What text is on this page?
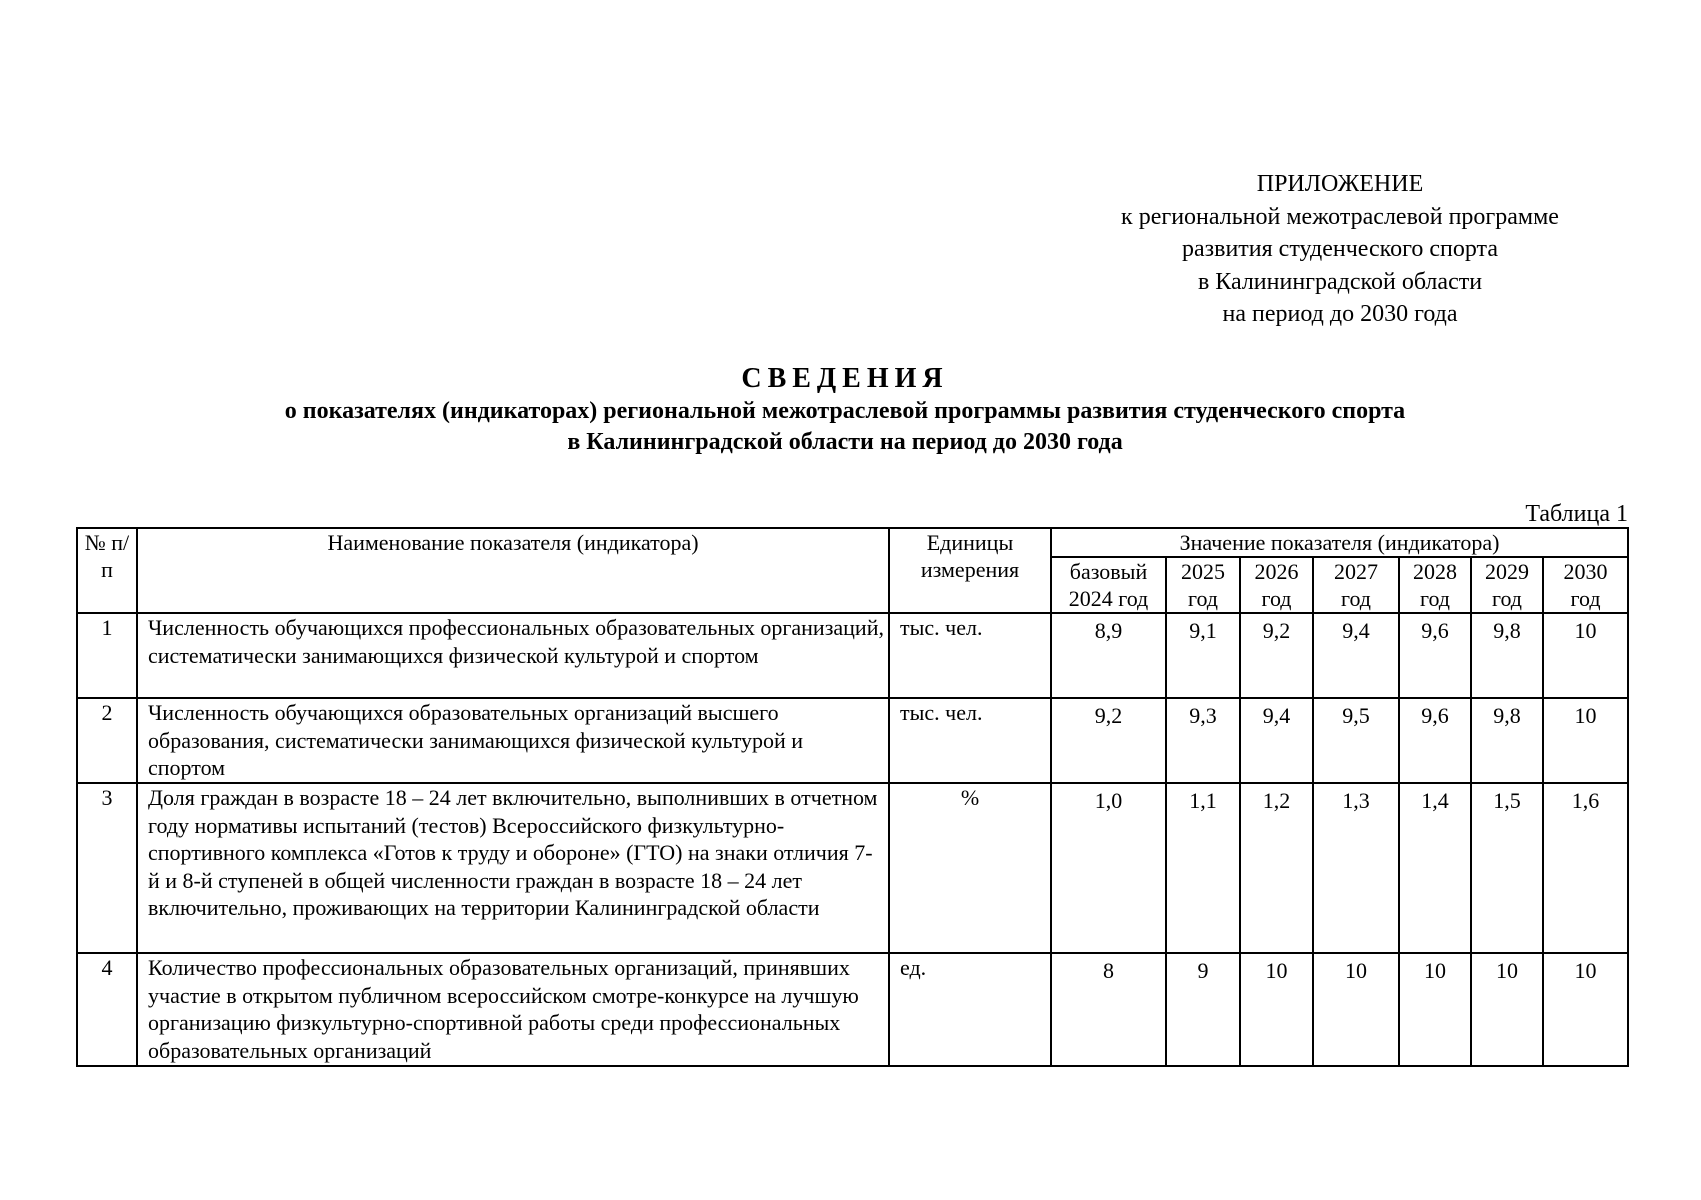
ПРИЛОЖЕНИЕ
к региональной межотраслевой программе
развития студенческого спорта
в Калининградской области
на период до 2030 года
СВЕДЕНИЯ
о показателях (индикаторах) региональной межотраслевой программы развития студенческого спорта
в Калининградской области на период до 2030 года
Таблица 1
№ п/п	Наименование показателя (индикатора)	Единицы измерения	Значение показателя (индикатора)						
			базовый 2024 год	2025 год	2026 год	2027 год	2028 год	2029 год	2030 год
1	Численность обучающихся профессиональных образовательных организаций, систематически занимающихся физической культурой и спортом	тыс. чел.	8,9	9,1	9,2	9,4	9,6	9,8	10
2	Численность обучающихся образовательных организаций высшего образования, систематически занимающихся физической культурой и спортом	тыс. чел.	9,2	9,3	9,4	9,5	9,6	9,8	10
3	Доля граждан в возрасте 18 – 24 лет включительно, выполнивших в отчетном году нормативы испытаний (тестов) Всероссийского физкультурно-спортивного комплекса «Готов к труду и обороне» (ГТО) на знаки отличия 7-й и 8-й ступеней в общей численности граждан в возрасте 18 – 24 лет включительно, проживающих на территории Калининградской области	%	1,0	1,1	1,2	1,3	1,4	1,5	1,6
4	Количество профессиональных образовательных организаций, принявших участие в открытом публичном всероссийском смотре-конкурсе на лучшую организацию физкультурно-спортивной работы среди профессиональных образовательных организаций	ед.	8	9	10	10	10	10	10
